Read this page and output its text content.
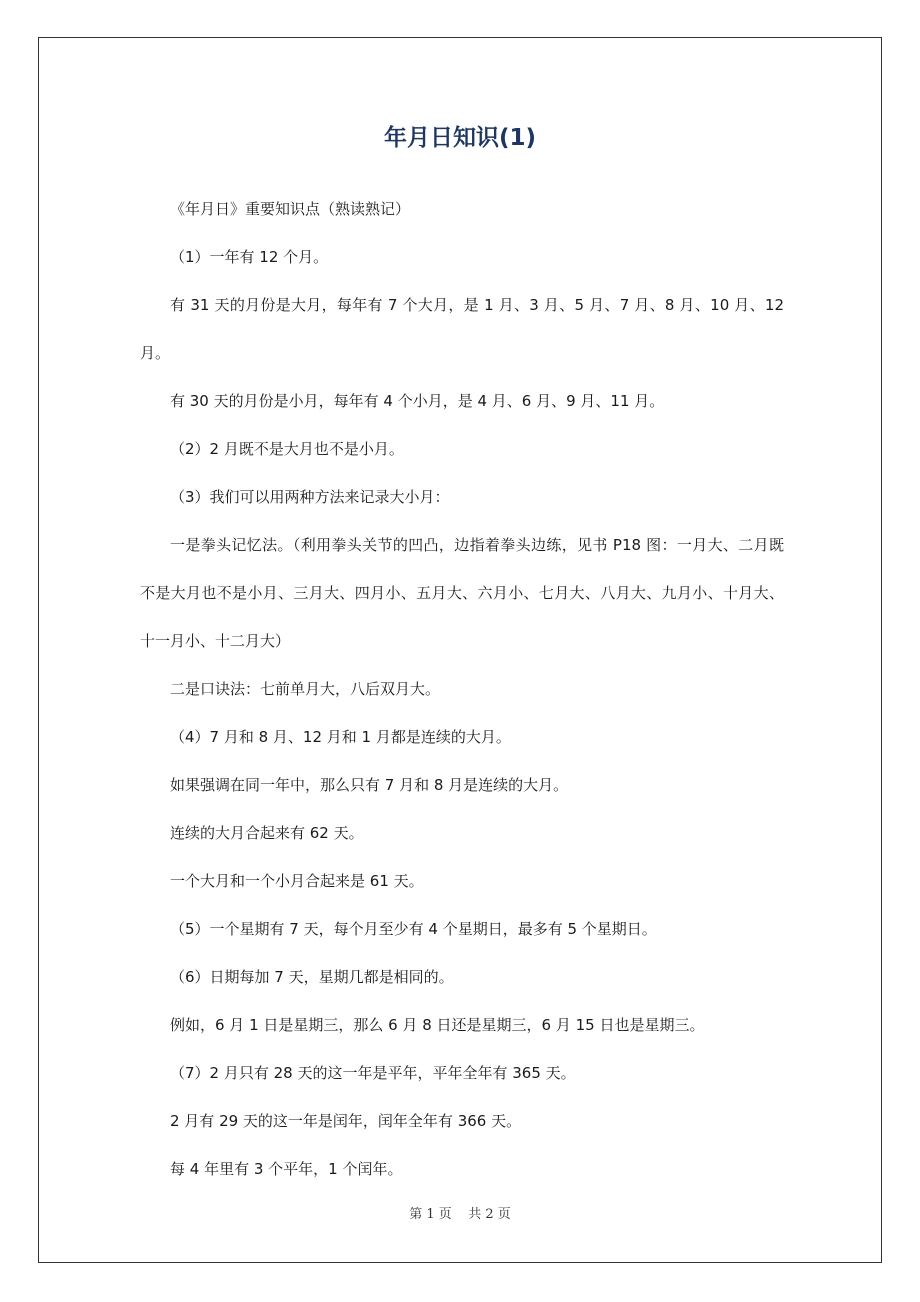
年月日知识(1)

《年月日》重要知识点（熟读熟记）

（1）一年有 12 个月。

有 31 天的月份是大月，每年有 7 个大月，是 1 月、3 月、5 月、7 月、8 月、10 月、12 月。

有 30 天的月份是小月，每年有 4 个小月，是 4 月、6 月、9 月、11 月。

（2）2 月既不是大月也不是小月。

（3）我们可以用两种方法来记录大小月：

一是拳头记忆法。（利用拳头关节的凹凸，边指着拳头边练，见书 P18 图：一月大、二月既不是大月也不是小月、三月大、四月小、五月大、六月小、七月大、八月大、九月小、十月大、十一月小、十二月大）

二是口诀法：七前单月大，八后双月大。

（4）7 月和 8 月、12 月和 1 月都是连续的大月。

如果强调在同一年中，那么只有 7 月和 8 月是连续的大月。

连续的大月合起来有 62 天。

一个大月和一个小月合起来是 61 天。

（5）一个星期有 7 天，每个月至少有 4 个星期日，最多有 5 个星期日。

（6）日期每加 7 天，星期几都是相同的。

例如，6 月 1 日是星期三，那么 6 月 8 日还是星期三，6 月 15 日也是星期三。

（7）2 月只有 28 天的这一年是平年，平年全年有 365 天。

2 月有 29 天的这一年是闰年，闰年全年有 366 天。

每 4 年里有 3 个平年，1 个闰年。

第 1 页 共 2 页
